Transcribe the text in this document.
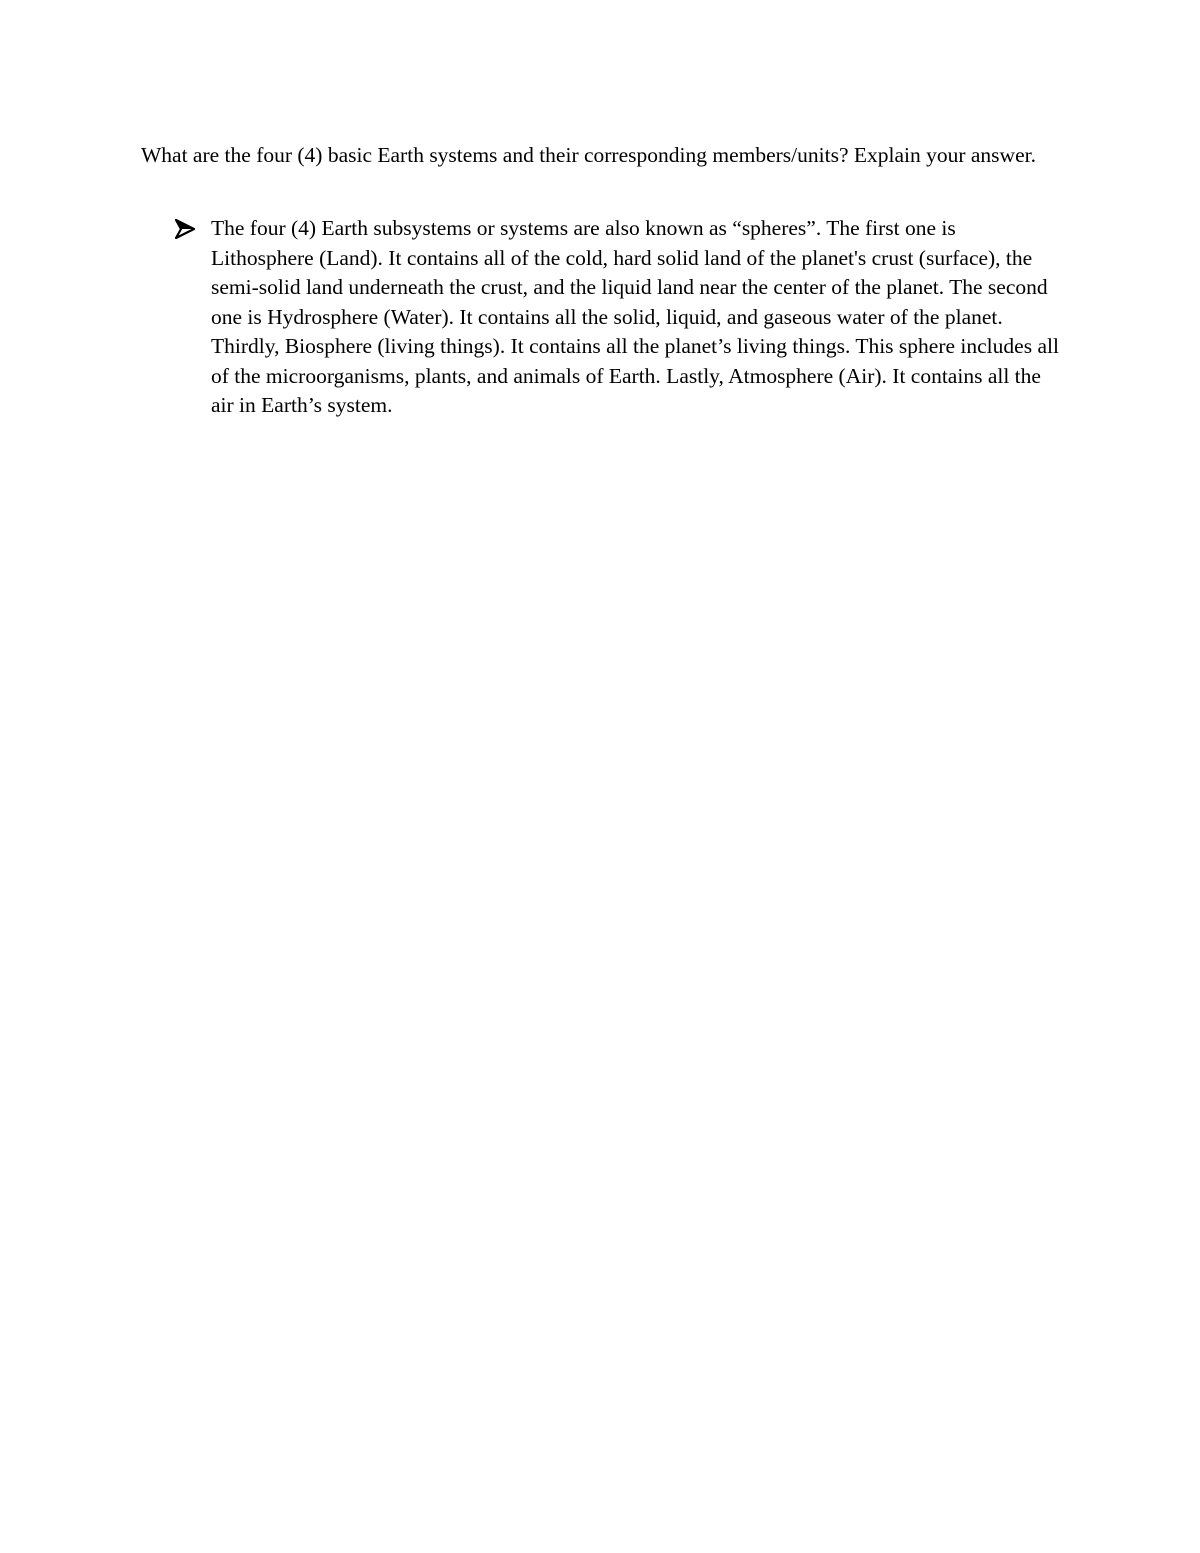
What are the four (4) basic Earth systems and their corresponding members/units? Explain your answer.

The four (4) Earth subsystems or systems are also known as “spheres”. The first one is Lithosphere (Land). It contains all of the cold, hard solid land of the planet's crust (surface), the semi-solid land underneath the crust, and the liquid land near the center of the planet. The second one is Hydrosphere (Water). It contains all the solid, liquid, and gaseous water of the planet. Thirdly, Biosphere (living things). It contains all the planet’s living things. This sphere includes all of the microorganisms, plants, and animals of Earth. Lastly, Atmosphere (Air). It contains all the air in Earth’s system.
